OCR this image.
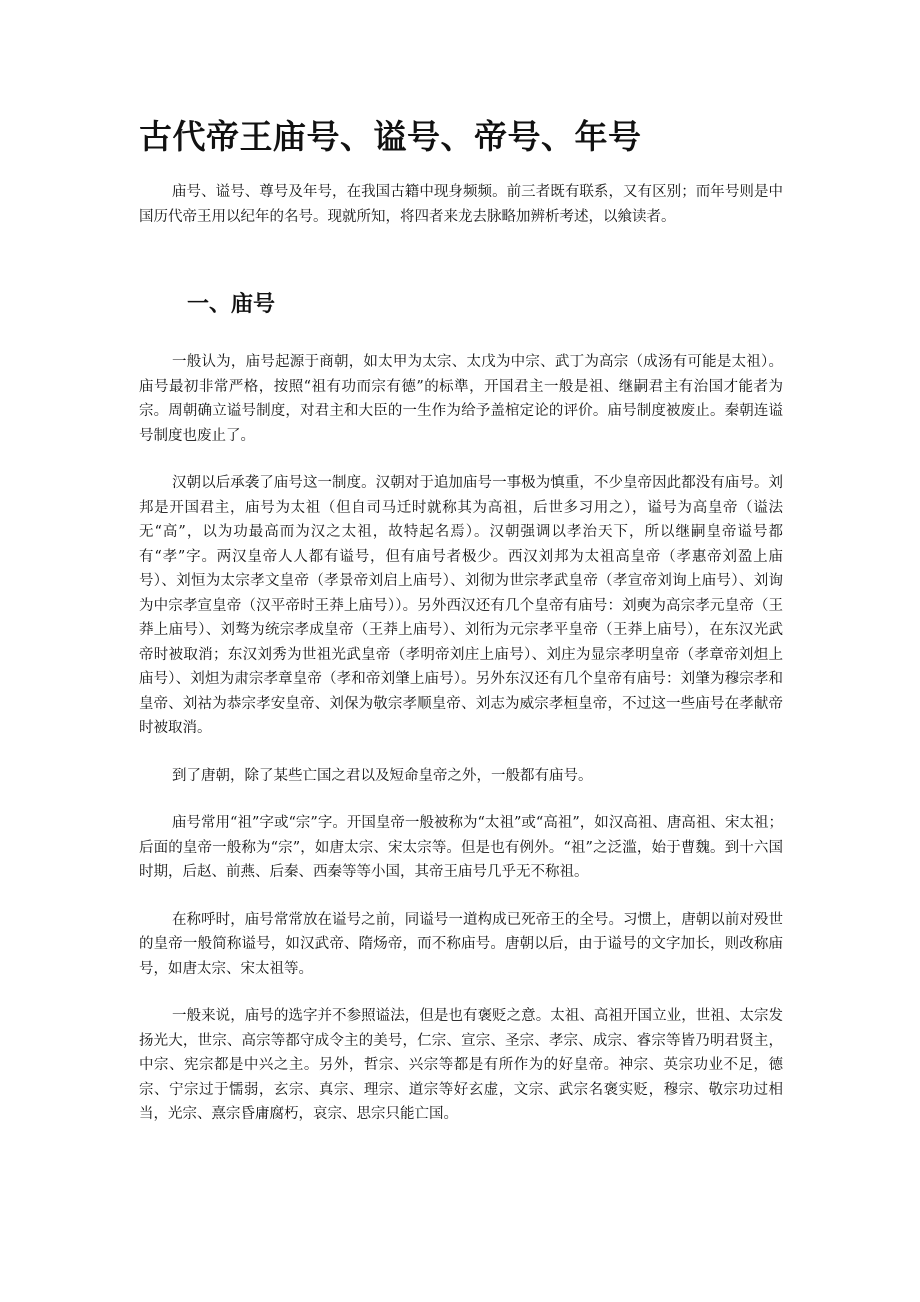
古代帝王庙号、谥号、帝号、年号

庙号、谥号、尊号及年号，在我国古籍中现身频频。前三者既有联系，又有区别；而年号则是中国历代帝王用以纪年的名号。现就所知，将四者来龙去脉略加辨析考述，以飨读者。

一、庙号

一般认为，庙号起源于商朝，如太甲为太宗、太戊为中宗、武丁为高宗（成汤有可能是太祖）。庙号最初非常严格，按照“祖有功而宗有德”的标準，开国君主一般是祖、继嗣君主有治国才能者为宗。周朝确立谥号制度，对君主和大臣的一生作为给予盖棺定论的评价。庙号制度被废止。秦朝连谥号制度也废止了。

汉朝以后承袭了庙号这一制度。汉朝对于追加庙号一事极为慎重，不少皇帝因此都没有庙号。刘邦是开国君主，庙号为太祖（但自司马迁时就称其为高祖，后世多习用之），谥号为高皇帝（谥法无“高”，以为功最高而为汉之太祖，故特起名焉）。汉朝强调以孝治天下，所以继嗣皇帝谥号都有“孝”字。两汉皇帝人人都有谥号，但有庙号者极少。西汉刘邦为太祖高皇帝（孝惠帝刘盈上庙号）、刘恒为太宗孝文皇帝（孝景帝刘启上庙号）、刘彻为世宗孝武皇帝（孝宣帝刘询上庙号）、刘询为中宗孝宣皇帝（汉平帝时王莽上庙号））。另外西汉还有几个皇帝有庙号：刘奭为高宗孝元皇帝（王莽上庙号）、刘骜为统宗孝成皇帝（王莽上庙号）、刘衎为元宗孝平皇帝（王莽上庙号），在东汉光武帝时被取消；东汉刘秀为世祖光武皇帝（孝明帝刘庄上庙号）、刘庄为显宗孝明皇帝（孝章帝刘炟上庙号）、刘炟为肃宗孝章皇帝（孝和帝刘肇上庙号）。另外东汉还有几个皇帝有庙号：刘肇为穆宗孝和皇帝、刘祜为恭宗孝安皇帝、刘保为敬宗孝顺皇帝、刘志为威宗孝桓皇帝，不过这一些庙号在孝献帝时被取消。

到了唐朝，除了某些亡国之君以及短命皇帝之外，一般都有庙号。

庙号常用“祖”字或“宗”字。开国皇帝一般被称为“太祖”或“高祖”，如汉高祖、唐高祖、宋太祖；后面的皇帝一般称为“宗”，如唐太宗、宋太宗等。但是也有例外。“祖”之泛滥，始于曹魏。到十六国时期，后赵、前燕、后秦、西秦等等小国，其帝王庙号几乎无不称祖。

在称呼时，庙号常常放在谥号之前，同谥号一道构成已死帝王的全号。习惯上，唐朝以前对殁世的皇帝一般简称谥号，如汉武帝、隋炀帝，而不称庙号。唐朝以后，由于谥号的文字加长，则改称庙号，如唐太宗、宋太祖等。

一般来说，庙号的选字并不参照谥法，但是也有褒贬之意。太祖、高祖开国立业，世祖、太宗发扬光大，世宗、高宗等都守成令主的美号，仁宗、宣宗、圣宗、孝宗、成宗、睿宗等皆乃明君贤主，中宗、宪宗都是中兴之主。另外，哲宗、兴宗等都是有所作为的好皇帝。神宗、英宗功业不足，德宗、宁宗过于懦弱，玄宗、真宗、理宗、道宗等好玄虚，文宗、武宗名褒实贬，穆宗、敬宗功过相当，光宗、熹宗昏庸腐朽，哀宗、思宗只能亡国。
